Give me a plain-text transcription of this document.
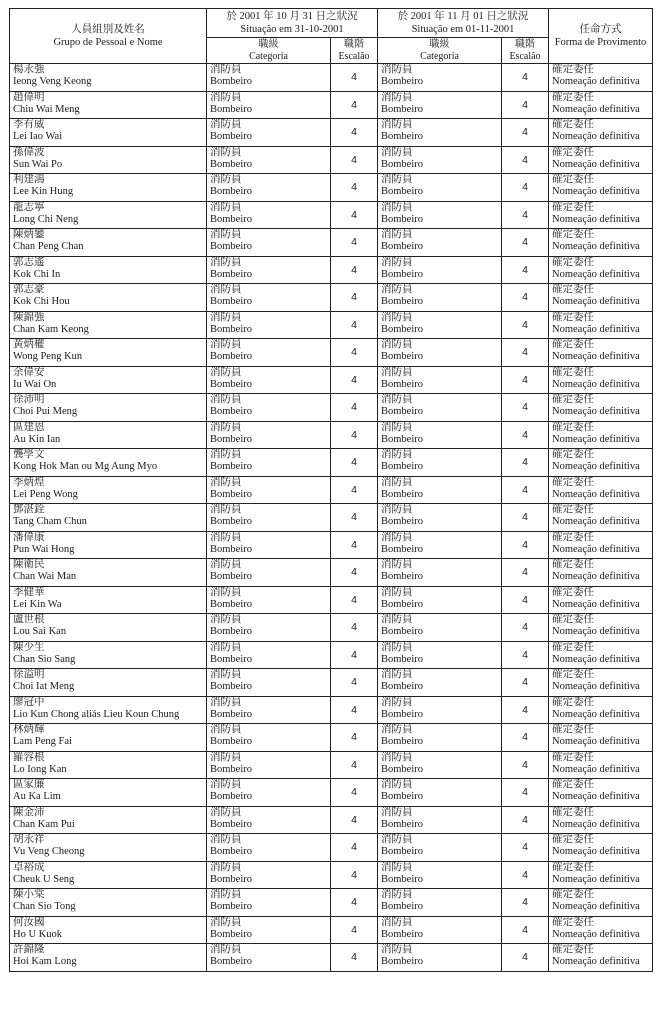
人員組別及姓名
Grupo de Pessoal e Nome	於 2001 年 10 月 31 日之狀況
Situação em 31-10-2001		於 2001 年 11 月 01 日之狀況
Situação em 01-11-2001		任命方式
Forma de Provimento

	職級
Categoria	職階
Escalão	職級
Categoria	職階
Escalão	

楊永強
Ieong Veng Keong	消防員
Bombeiro	4	消防員
Bombeiro	4	確定委任
Nomeação definitiva

趙偉明
Chiu Wai Meng	消防員
Bombeiro	4	消防員
Bombeiro	4	確定委任
Nomeação definitiva

李有威
Lei Iao Wai	消防員
Bombeiro	4	消防員
Bombeiro	4	確定委任
Nomeação definitiva

孫偉波
Sun Wai Po	消防員
Bombeiro	4	消防員
Bombeiro	4	確定委任
Nomeação definitiva

利建鴻
Lee Kin Hung	消防員
Bombeiro	4	消防員
Bombeiro	4	確定委任
Nomeação definitiva

龍志寧
Long Chi Neng	消防員
Bombeiro	4	消防員
Bombeiro	4	確定委任
Nomeação definitiva

陳炳鑾
Chan Peng Chan	消防員
Bombeiro	4	消防員
Bombeiro	4	確定委任
Nomeação definitiva

郭志遙
Kok Chi In	消防員
Bombeiro	4	消防員
Bombeiro	4	確定委任
Nomeação definitiva

郭志豪
Kok Chi Hou	消防員
Bombeiro	4	消防員
Bombeiro	4	確定委任
Nomeação definitiva

陳錦強
Chan Kam Keong	消防員
Bombeiro	4	消防員
Bombeiro	4	確定委任
Nomeação definitiva

黃炳權
Wong Peng Kun	消防員
Bombeiro	4	消防員
Bombeiro	4	確定委任
Nomeação definitiva

余偉安
Iu Wai On	消防員
Bombeiro	4	消防員
Bombeiro	4	確定委任
Nomeação definitiva

徐沛明
Choi Pui Meng	消防員
Bombeiro	4	消防員
Bombeiro	4	確定委任
Nomeação definitiva

區建恩
Au Kin Ian	消防員
Bombeiro	4	消防員
Bombeiro	4	確定委任
Nomeação definitiva

龔學文
Kong Hok Man ou Mg Aung Myo	消防員
Bombeiro	4	消防員
Bombeiro	4	確定委任
Nomeação definitiva

李炳煌
Lei Peng Wong	消防員
Bombeiro	4	消防員
Bombeiro	4	確定委任
Nomeação definitiva

鄧湛銓
Tang Cham Chun	消防員
Bombeiro	4	消防員
Bombeiro	4	確定委任
Nomeação definitiva

潘偉康
Pun Wai Hong	消防員
Bombeiro	4	消防員
Bombeiro	4	確定委任
Nomeação definitiva

陳衛民
Chan Wai Man	消防員
Bombeiro	4	消防員
Bombeiro	4	確定委任
Nomeação definitiva

李健華
Lei Kin Wa	消防員
Bombeiro	4	消防員
Bombeiro	4	確定委任
Nomeação definitiva

盧世根
Lou Sai Kan	消防員
Bombeiro	4	消防員
Bombeiro	4	確定委任
Nomeação definitiva

陳少生
Chan Sio Sang	消防員
Bombeiro	4	消防員
Bombeiro	4	確定委任
Nomeação definitiva

徐溢明
Choi Iat Meng	消防員
Bombeiro	4	消防員
Bombeiro	4	確定委任
Nomeação definitiva

廖冠中
Lio Kun Chong aliás Lieu Koun Chung	消防員
Bombeiro	4	消防員
Bombeiro	4	確定委任
Nomeação definitiva

林炳輝
Lam Peng Fai	消防員
Bombeiro	4	消防員
Bombeiro	4	確定委任
Nomeação definitiva

羅容根
Lo Iong Kan	消防員
Bombeiro	4	消防員
Bombeiro	4	確定委任
Nomeação definitiva

區家廉
Au Ka Lim	消防員
Bombeiro	4	消防員
Bombeiro	4	確定委任
Nomeação definitiva

陳金沛
Chan Kam Pui	消防員
Bombeiro	4	消防員
Bombeiro	4	確定委任
Nomeação definitiva

胡永祥
Vu Veng Cheong	消防員
Bombeiro	4	消防員
Bombeiro	4	確定委任
Nomeação definitiva

卓裕成
Cheuk U Seng	消防員
Bombeiro	4	消防員
Bombeiro	4	確定委任
Nomeação definitiva

陳小棠
Chan Sio Tong	消防員
Bombeiro	4	消防員
Bombeiro	4	確定委任
Nomeação definitiva

何汝國
Ho U Kuok	消防員
Bombeiro	4	消防員
Bombeiro	4	確定委任
Nomeação definitiva

許錦隆
Hoi Kam Long	消防員
Bombeiro	4	消防員
Bombeiro	4	確定委任
Nomeação definitiva
